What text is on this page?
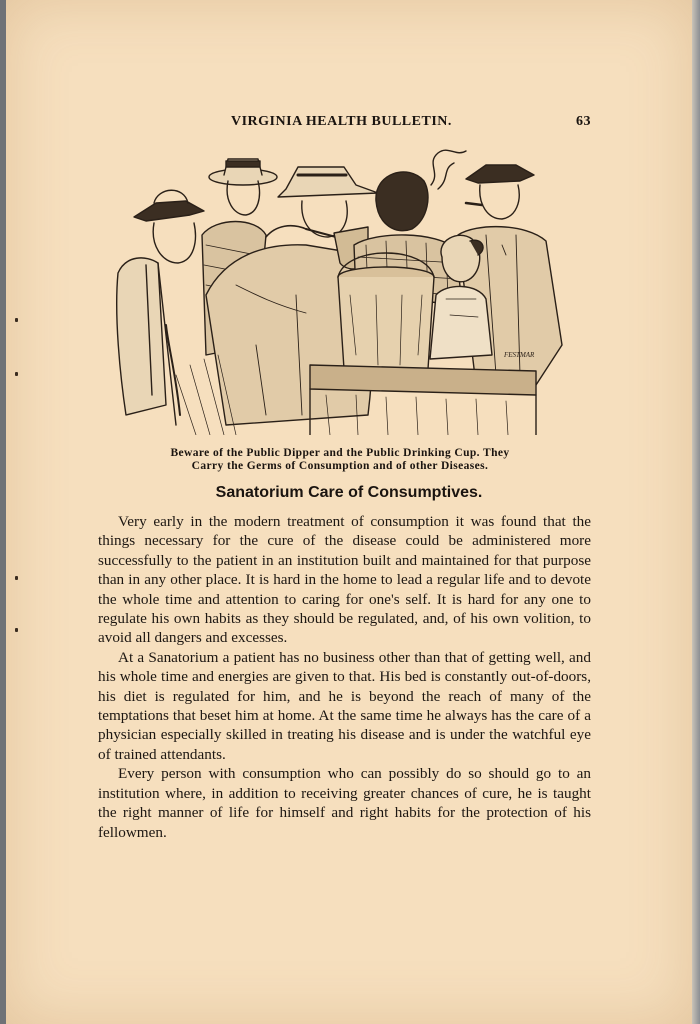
VIRGINIA HEALTH BULLETIN.	63
FESTMAR
Beware of the Public Dipper and the Public Drinking Cup. They
Carry the Germs of Consumption and of other Diseases.
Sanatorium Care of Consumptives.

Very early in the modern treatment of consumption it was found that the things necessary for the cure of the disease could be administered more successfully to the patient in an institution built and maintained for that purpose than in any other place. It is hard in the home to lead a regular life and to devote the whole time and attention to caring for one's self. It is hard for any one to regulate his own habits as they should be regulated, and, of his own volition, to avoid all dangers and excesses.

At a Sanatorium a patient has no business other than that of getting well, and his whole time and energies are given to that. His bed is constantly out-of-doors, his diet is regulated for him, and he is beyond the reach of many of the temptations that beset him at home. At the same time he always has the care of a physician especially skilled in treating his disease and is under the watchful eye of trained attendants.

Every person with consumption who can possibly do so should go to an institution where, in addition to receiving greater chances of cure, he is taught the right manner of life for himself and right habits for the protection of his fellowmen.
